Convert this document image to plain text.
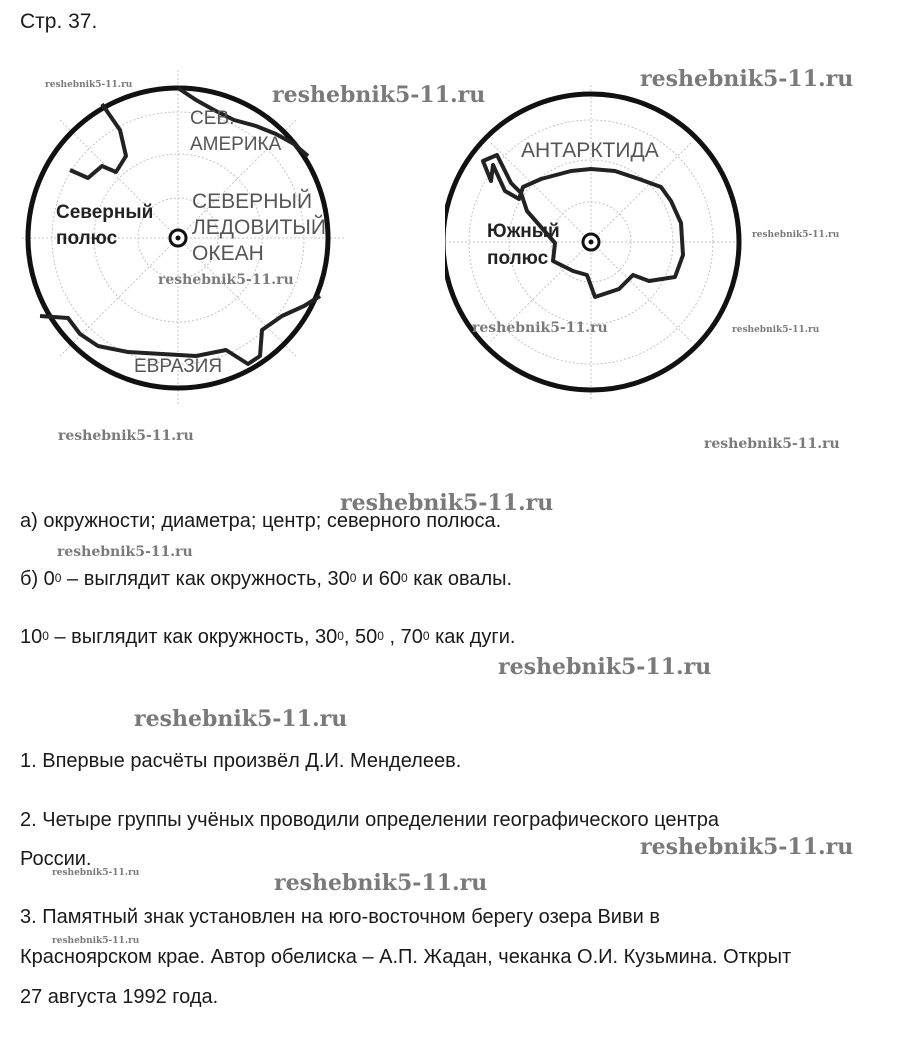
Стр. 37.
Северный
полюс
СЕВ.
АМЕРИКА
СЕВЕРНЫЙ
ЛЕДОВИТЫЙ
ОКЕАН
ЕВРАЗИЯ
АНТАРКТИДА
Южный
полюс
а) окружности; диаметра; центр; северного полюса.
б) $0^0$ – выглядит как окружность, $30^0$ и $60^0$ как овалы.
$10^0$ – выглядит как окружность, $30^0$, $50^0$ , $70^0$ как дуги.
1. Впервые расчёты произвёл Д.И. Менделеев.
2. Четыре группы учёных проводили определении географического центра
России.
3. Памятный знак установлен на юго-восточном берегу озера Виви в
Красноярском крае. Автор обелиска – А.П. Жадан, чеканка О.И. Кузьмина. Открыт
27 августа 1992 года.
reshebnik5-11.ru	reshebnik5-11.ru
reshebnik5-11.ru
reshebnik5-11.ru
reshebnik5-11.ru
reshebnik5-11.ru	reshebnik5-11.ru
reshebnik5-11.ru	reshebnik5-11.ru
reshebnik5-11.ru
reshebnik5-11.ru
reshebnik5-11.ru
reshebnik5-11.ru
reshebnik5-11.ru
reshebnik5-11.ru	reshebnik5-11.ru
reshebnik5-11.ru
